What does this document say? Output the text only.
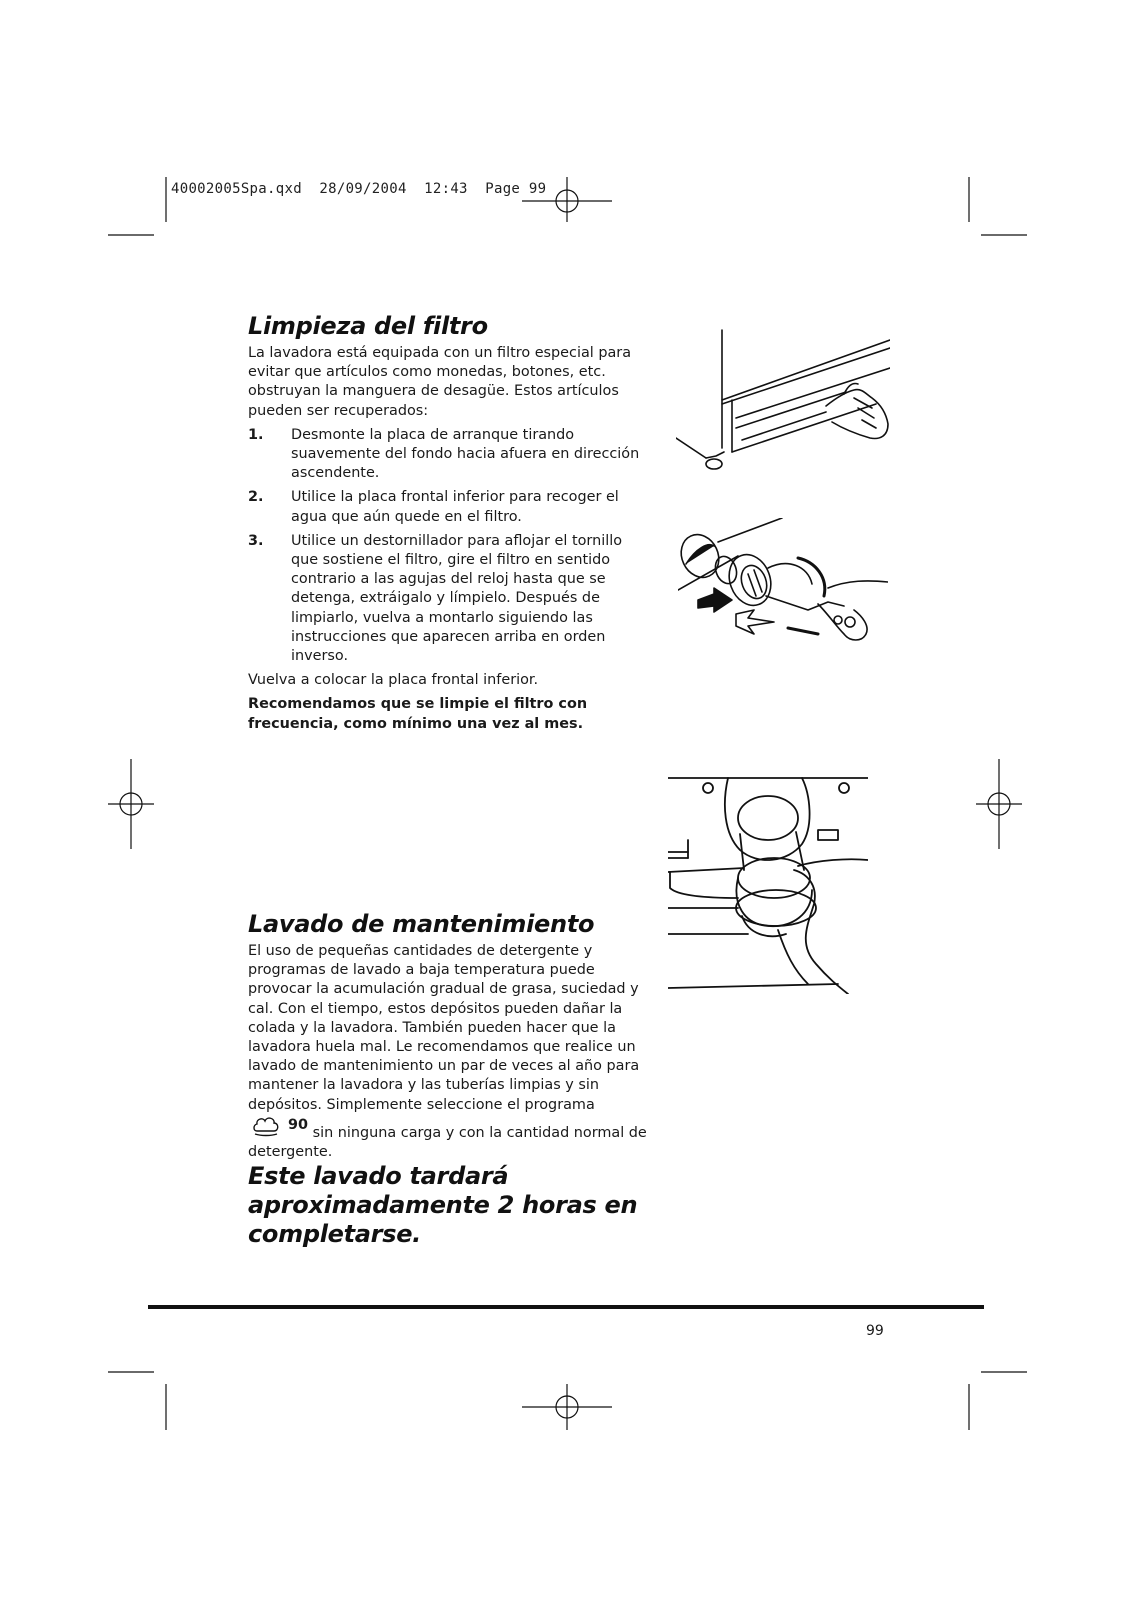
40002005Spa.qxd  28/09/2004  12:43  Page 99
Limpieza del filtro

La lavadora está equipada con un filtro especial para evitar que artículos como monedas, botones, etc. obstruyan la manguera de desagüe. Estos artículos pueden ser recuperados:

1.	Desmonte la placa de arranque tirando suavemente del fondo hacia afuera en dirección ascendente.
2.	Utilice la placa frontal inferior para recoger el agua que aún quede en el filtro.
3.	Utilice un destornillador para aflojar el tornillo que sostiene el filtro, gire el filtro en sentido contrario a las agujas del reloj hasta que se detenga, extráigalo y límpielo. Después de limpiarlo, vuelva a montarlo siguiendo las instrucciones que aparecen arriba en orden inverso.

Vuelva a colocar la placa frontal inferior.

Recomendamos que se limpie el filtro con frecuencia, como mínimo una vez al mes.

Lavado de mantenimiento

El uso de pequeñas cantidades de detergente y programas de lavado a baja temperatura puede provocar la acumulación gradual de grasa, suciedad y cal. Con el tiempo, estos depósitos pueden dañar la colada y la lavadora. También pueden hacer que la lavadora huela mal. Le recomendamos que realice un lavado de mantenimiento un par de veces al año para mantener la lavadora y las tuberías limpias y sin depósitos. Simplemente seleccione el programa
90 sin ninguna carga y con la cantidad normal de detergente.

Este lavado tardará aproximadamente 2 horas en completarse.
99
